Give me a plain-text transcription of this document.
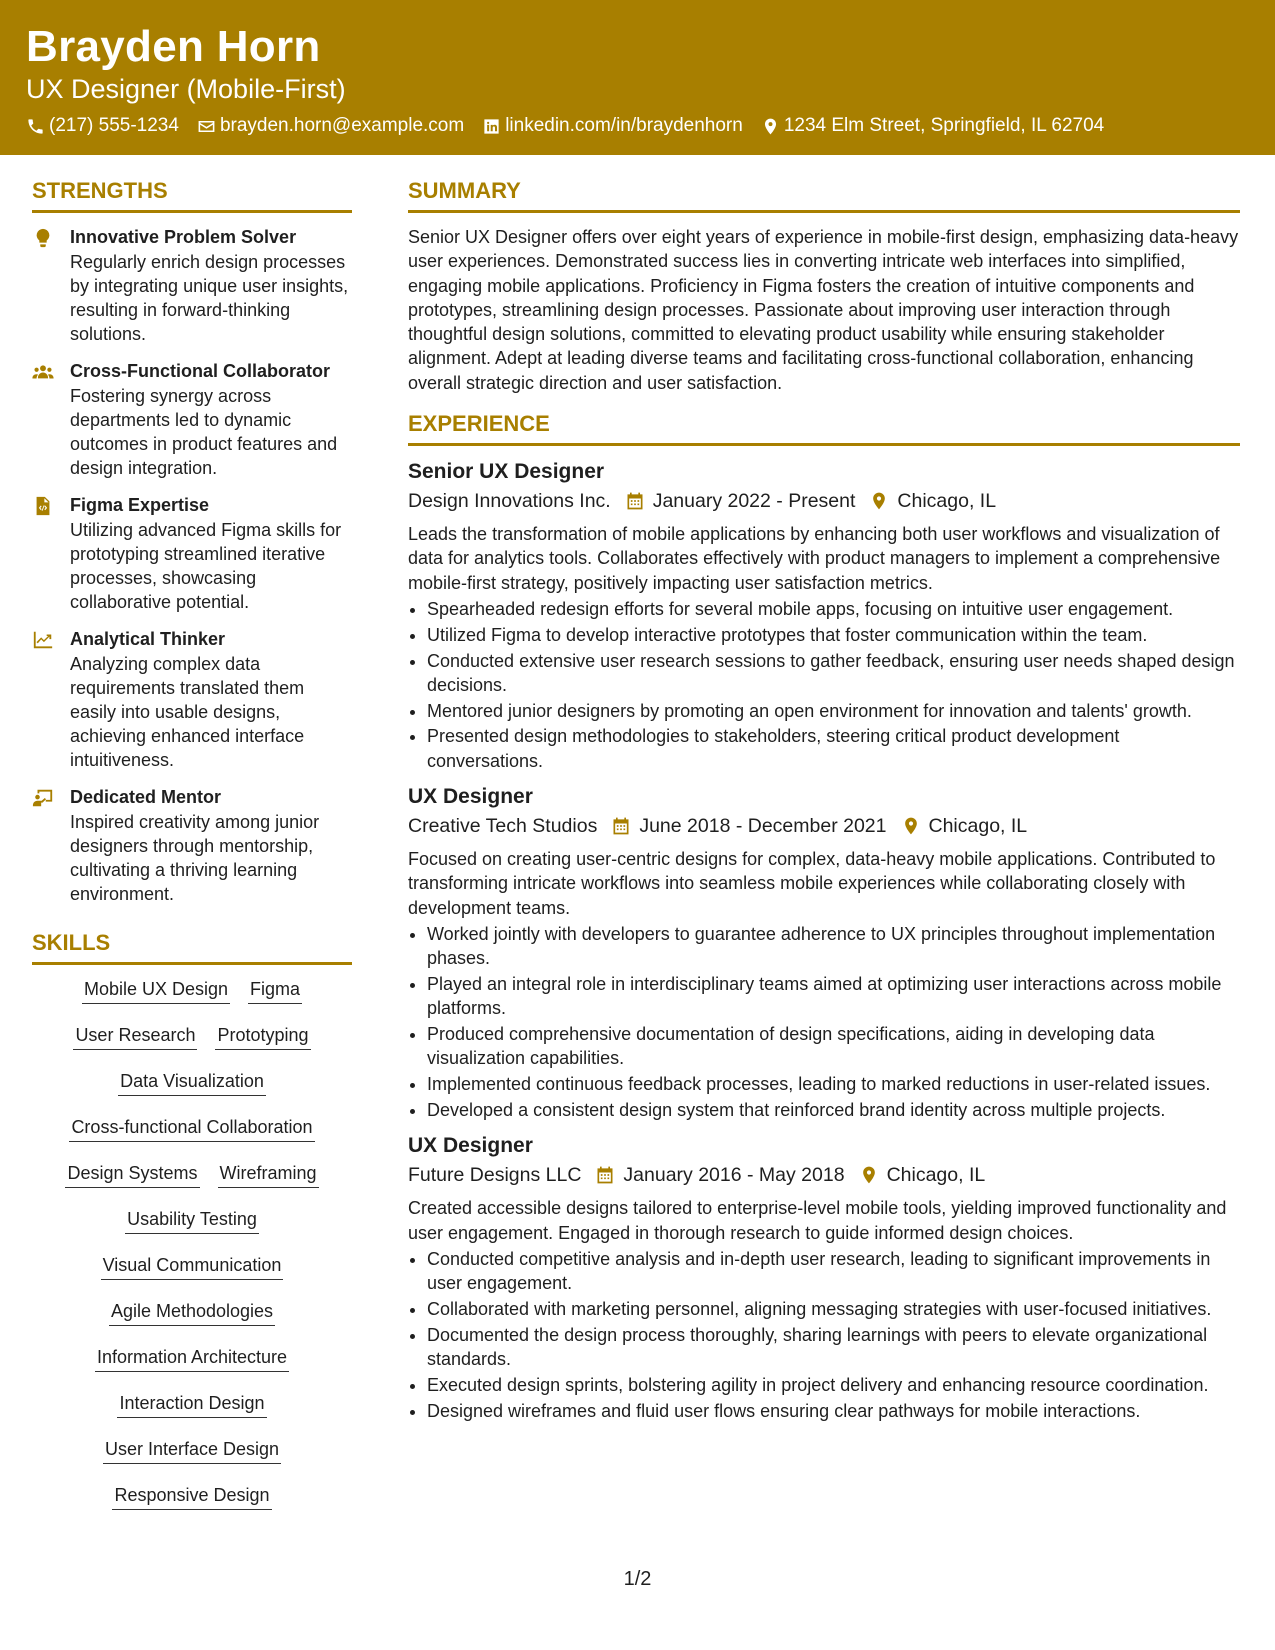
Brayden Horn
UX Designer (Mobile-First)
(217) 555-1234 brayden.horn@example.com linkedin.com/in/braydenhorn 1234 Elm Street, Springfield, IL 62704
STRENGTHS
Innovative Problem Solver
Regularly enrich design processes by integrating unique user insights, resulting in forward-thinking solutions.
Cross-Functional Collaborator
Fostering synergy across departments led to dynamic outcomes in product features and design integration.
Figma Expertise
Utilizing advanced Figma skills for prototyping streamlined iterative processes, showcasing collaborative potential.
Analytical Thinker
Analyzing complex data requirements translated them easily into usable designs, achieving enhanced interface intuitiveness.
Dedicated Mentor
Inspired creativity among junior designers through mentorship, cultivating a thriving learning environment.
SKILLS
Mobile UX Design Figma
User Research Prototyping
Data Visualization
Cross-functional Collaboration
Design Systems Wireframing
Usability Testing
Visual Communication
Agile Methodologies
Information Architecture
Interaction Design
User Interface Design
Responsive Design
SUMMARY
Senior UX Designer offers over eight years of experience in mobile-first design, emphasizing data-heavy user experiences. Demonstrated success lies in converting intricate web interfaces into simplified, engaging mobile applications. Proficiency in Figma fosters the creation of intuitive components and prototypes, streamlining design processes. Passionate about improving user interaction through thoughtful design solutions, committed to elevating product usability while ensuring stakeholder alignment. Adept at leading diverse teams and facilitating cross-functional collaboration, enhancing overall strategic direction and user satisfaction.
EXPERIENCE
Senior UX Designer
Design Innovations Inc. January 2022 - Present Chicago, IL
Leads the transformation of mobile applications by enhancing both user workflows and visualization of data for analytics tools. Collaborates effectively with product managers to implement a comprehensive mobile-first strategy, positively impacting user satisfaction metrics.
• Spearheaded redesign efforts for several mobile apps, focusing on intuitive user engagement.
• Utilized Figma to develop interactive prototypes that foster communication within the team.
• Conducted extensive user research sessions to gather feedback, ensuring user needs shaped design decisions.
• Mentored junior designers by promoting an open environment for innovation and talents' growth.
• Presented design methodologies to stakeholders, steering critical product development conversations.
UX Designer
Creative Tech Studios June 2018 - December 2021 Chicago, IL
Focused on creating user-centric designs for complex, data-heavy mobile applications. Contributed to transforming intricate workflows into seamless mobile experiences while collaborating closely with development teams.
• Worked jointly with developers to guarantee adherence to UX principles throughout implementation phases.
• Played an integral role in interdisciplinary teams aimed at optimizing user interactions across mobile platforms.
• Produced comprehensive documentation of design specifications, aiding in developing data visualization capabilities.
• Implemented continuous feedback processes, leading to marked reductions in user-related issues.
• Developed a consistent design system that reinforced brand identity across multiple projects.
UX Designer
Future Designs LLC January 2016 - May 2018 Chicago, IL
Created accessible designs tailored to enterprise-level mobile tools, yielding improved functionality and user engagement. Engaged in thorough research to guide informed design choices.
• Conducted competitive analysis and in-depth user research, leading to significant improvements in user engagement.
• Collaborated with marketing personnel, aligning messaging strategies with user-focused initiatives.
• Documented the design process thoroughly, sharing learnings with peers to elevate organizational standards.
• Executed design sprints, bolstering agility in project delivery and enhancing resource coordination.
• Designed wireframes and fluid user flows ensuring clear pathways for mobile interactions.
1/2
